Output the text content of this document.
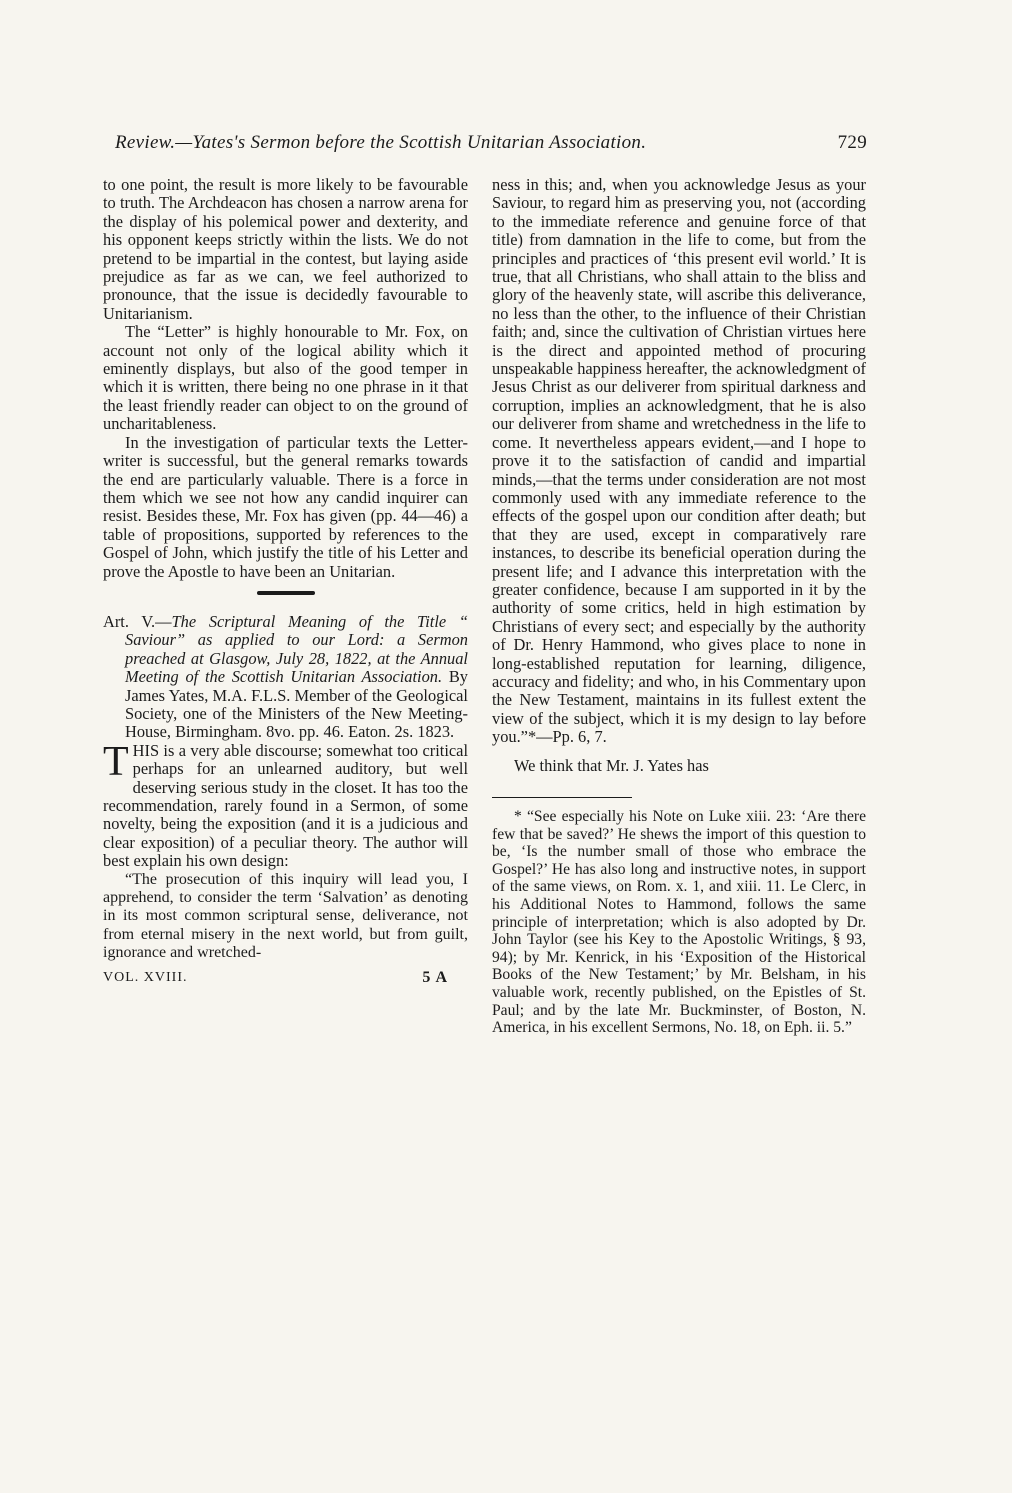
Review.—Yates's Sermon before the Scottish Unitarian Association.	729

to one point, the result is more likely to be favourable to truth. The Archdeacon has chosen a narrow arena for the display of his polemical power and dexterity, and his opponent keeps strictly within the lists. We do not pretend to be impartial in the contest, but laying aside prejudice as far as we can, we feel authorized to pronounce, that the issue is decidedly favourable to Unitarianism.

The “Letter” is highly honourable to Mr. Fox, on account not only of the logical ability which it eminently displays, but also of the good temper in which it is written, there being no one phrase in it that the least friendly reader can object to on the ground of uncharitableness.

In the investigation of particular texts the Letter-writer is successful, but the general remarks towards the end are particularly valuable. There is a force in them which we see not how any candid inquirer can resist. Besides these, Mr. Fox has given (pp. 44—46) a table of propositions, supported by references to the Gospel of John, which justify the title of his Letter and prove the Apostle to have been an Unitarian.

Art. V.—The Scriptural Meaning of the Title “ Saviour” as applied to our Lord: a Sermon preached at Glasgow, July 28, 1822, at the Annual Meeting of the Scottish Unitarian Association. By James Yates, M.A. F.L.S. Member of the Geological Society, one of the Ministers of the New Meeting-House, Birmingham. 8vo. pp. 46. Eaton. 2s. 1823.

THIS is a very able discourse; somewhat too critical perhaps for an unlearned auditory, but well deserving serious study in the closet. It has too the recommendation, rarely found in a Sermon, of some novelty, being the exposition (and it is a judicious and clear exposition) of a peculiar theory. The author will best explain his own design:

“The prosecution of this inquiry will lead you, I apprehend, to consider the term ‘Salvation’ as denoting in its most common scriptural sense, deliverance, not from eternal misery in the next world, but from guilt, ignorance and wretched-

VOL. XVIII.	5 A

ness in this; and, when you acknowledge Jesus as your Saviour, to regard him as preserving you, not (according to the immediate reference and genuine force of that title) from damnation in the life to come, but from the principles and practices of ‘this present evil world.’ It is true, that all Christians, who shall attain to the bliss and glory of the heavenly state, will ascribe this deliverance, no less than the other, to the influence of their Christian faith; and, since the cultivation of Christian virtues here is the direct and appointed method of procuring unspeakable happiness hereafter, the acknowledgment of Jesus Christ as our deliverer from spiritual darkness and corruption, implies an acknowledgment, that he is also our deliverer from shame and wretchedness in the life to come. It nevertheless appears evident,—and I hope to prove it to the satisfaction of candid and impartial minds,—that the terms under consideration are not most commonly used with any immediate reference to the effects of the gospel upon our condition after death; but that they are used, except in comparatively rare instances, to describe its beneficial operation during the present life; and I advance this interpretation with the greater confidence, because I am supported in it by the authority of some critics, held in high estimation by Christians of every sect; and especially by the authority of Dr. Henry Hammond, who gives place to none in long-established reputation for learning, diligence, accuracy and fidelity; and who, in his Commentary upon the New Testament, maintains in its fullest extent the view of the subject, which it is my design to lay before you.”*—Pp. 6, 7.

We think that Mr. J. Yates has

* “See especially his Note on Luke xiii. 23: ‘Are there few that be saved?’ He shews the import of this question to be, ‘Is the number small of those who embrace the Gospel?’ He has also long and instructive notes, in support of the same views, on Rom. x. 1, and xiii. 11. Le Clerc, in his Additional Notes to Hammond, follows the same principle of interpretation; which is also adopted by Dr. John Taylor (see his Key to the Apostolic Writings, § 93, 94); by Mr. Kenrick, in his ‘Exposition of the Historical Books of the New Testament;’ by Mr. Belsham, in his valuable work, recently published, on the Epistles of St. Paul; and by the late Mr. Buckminster, of Boston, N. America, in his excellent Sermons, No. 18, on Eph. ii. 5.”
